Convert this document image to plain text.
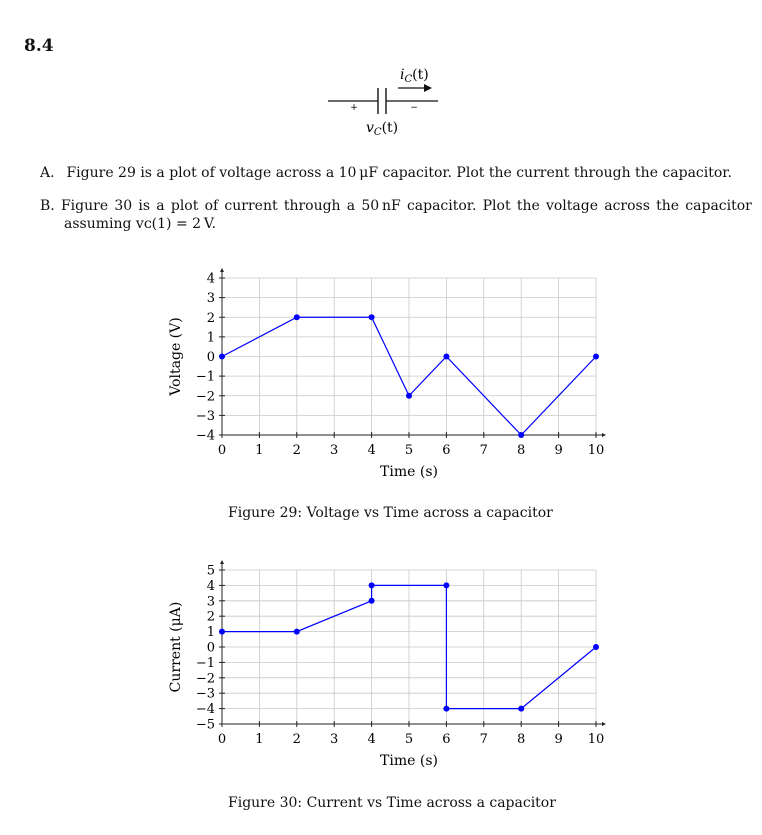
8.4
+	−
$i_C(t)$
$v_C(t)$
A. Figure 29 is a plot of voltage across a 10 μF capacitor. Plot the current through the capacitor.
B. Figure 30 is a plot of current through a 50 nF capacitor. Plot the voltage across the capacitor
assuming vᴄ(1) = 2 V.
0 1 2 3 4 5 6 7 8 9 10
−4
−3
−2
−1
0
1
2
3
4
Time (s)
Voltage (V)
Figure 29: Voltage vs Time across a capacitor
0 1 2 3 4 5 6 7 8 9 10
−5
−4
−3
−2
−1
0
1
2
3
4
5
Time (s)
Current (μA)
Figure 30: Current vs Time across a capacitor
